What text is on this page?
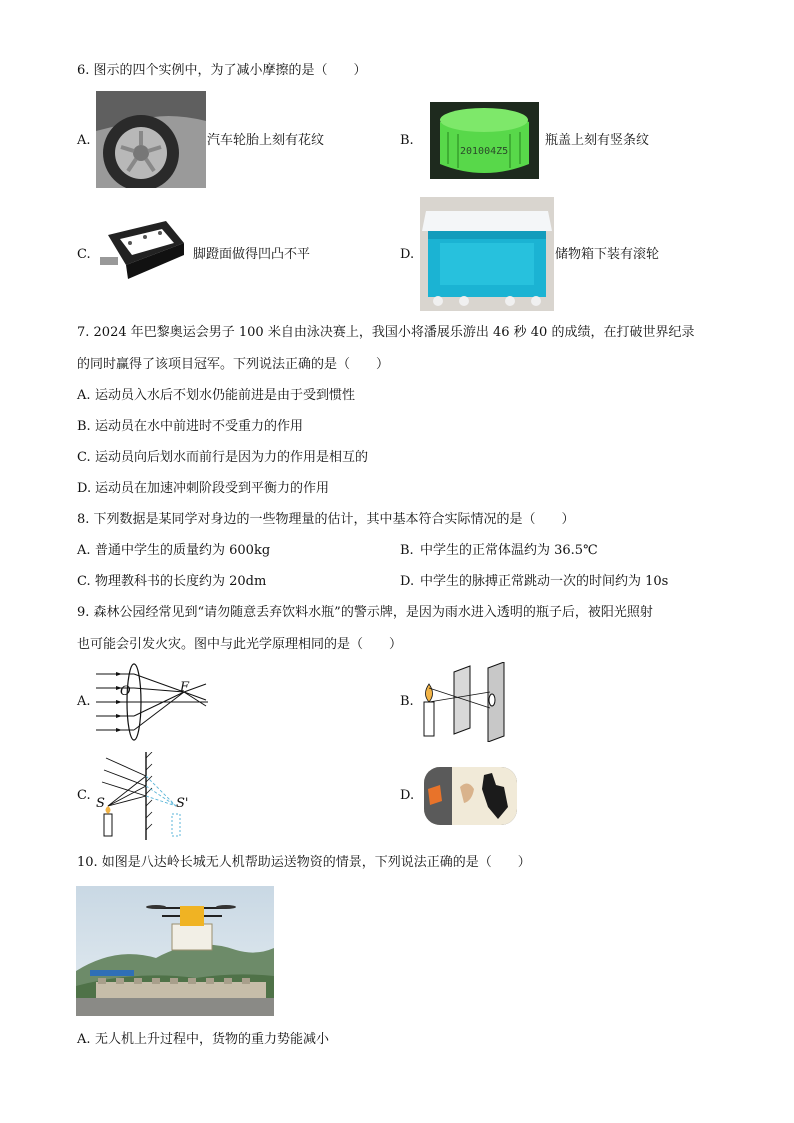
6. 图示的四个实例中，为了减小摩擦的是（　　）
A.	汽车轮胎上刻有花纹	B.
201004Z5
瓶盖上刻有竖条纹
C.	脚蹬面做得凹凸不平	D.	储物箱下装有滚轮
7. 2024 年巴黎奥运会男子 100 米自由泳决赛上，我国小将潘展乐游出 46 秒 40 的成绩，在打破世界纪录
的同时赢得了该项目冠军。下列说法正确的是（　　）
A. 运动员入水后不划水仍能前进是由于受到惯性
B. 运动员在水中前进时不受重力的作用
C. 运动员向后划水而前行是因为力的作用是相互的
D. 运动员在加速冲刺阶段受到平衡力的作用
8. 下列数据是某同学对身边的一些物理量的估计，其中基本符合实际情况的是（　　）
A. 普通中学生的质量约为 600kg	B. 中学生的正常体温约为 36.5℃
C. 物理教科书的长度约为 20dm	D. 中学生的脉搏正常跳动一次的时间约为 10s
9. 森林公园经常见到“请勿随意丢弃饮料水瓶”的警示牌，是因为雨水进入透明的瓶子后，被阳光照射
也可能会引发火灾。图中与此光学原理相同的是（　　）
A.
O	F
B.
C.
S	S'
D.
10. 如图是八达岭长城无人机帮助运送物资的情景，下列说法正确的是（　　）
A. 无人机上升过程中，货物的重力势能减小
